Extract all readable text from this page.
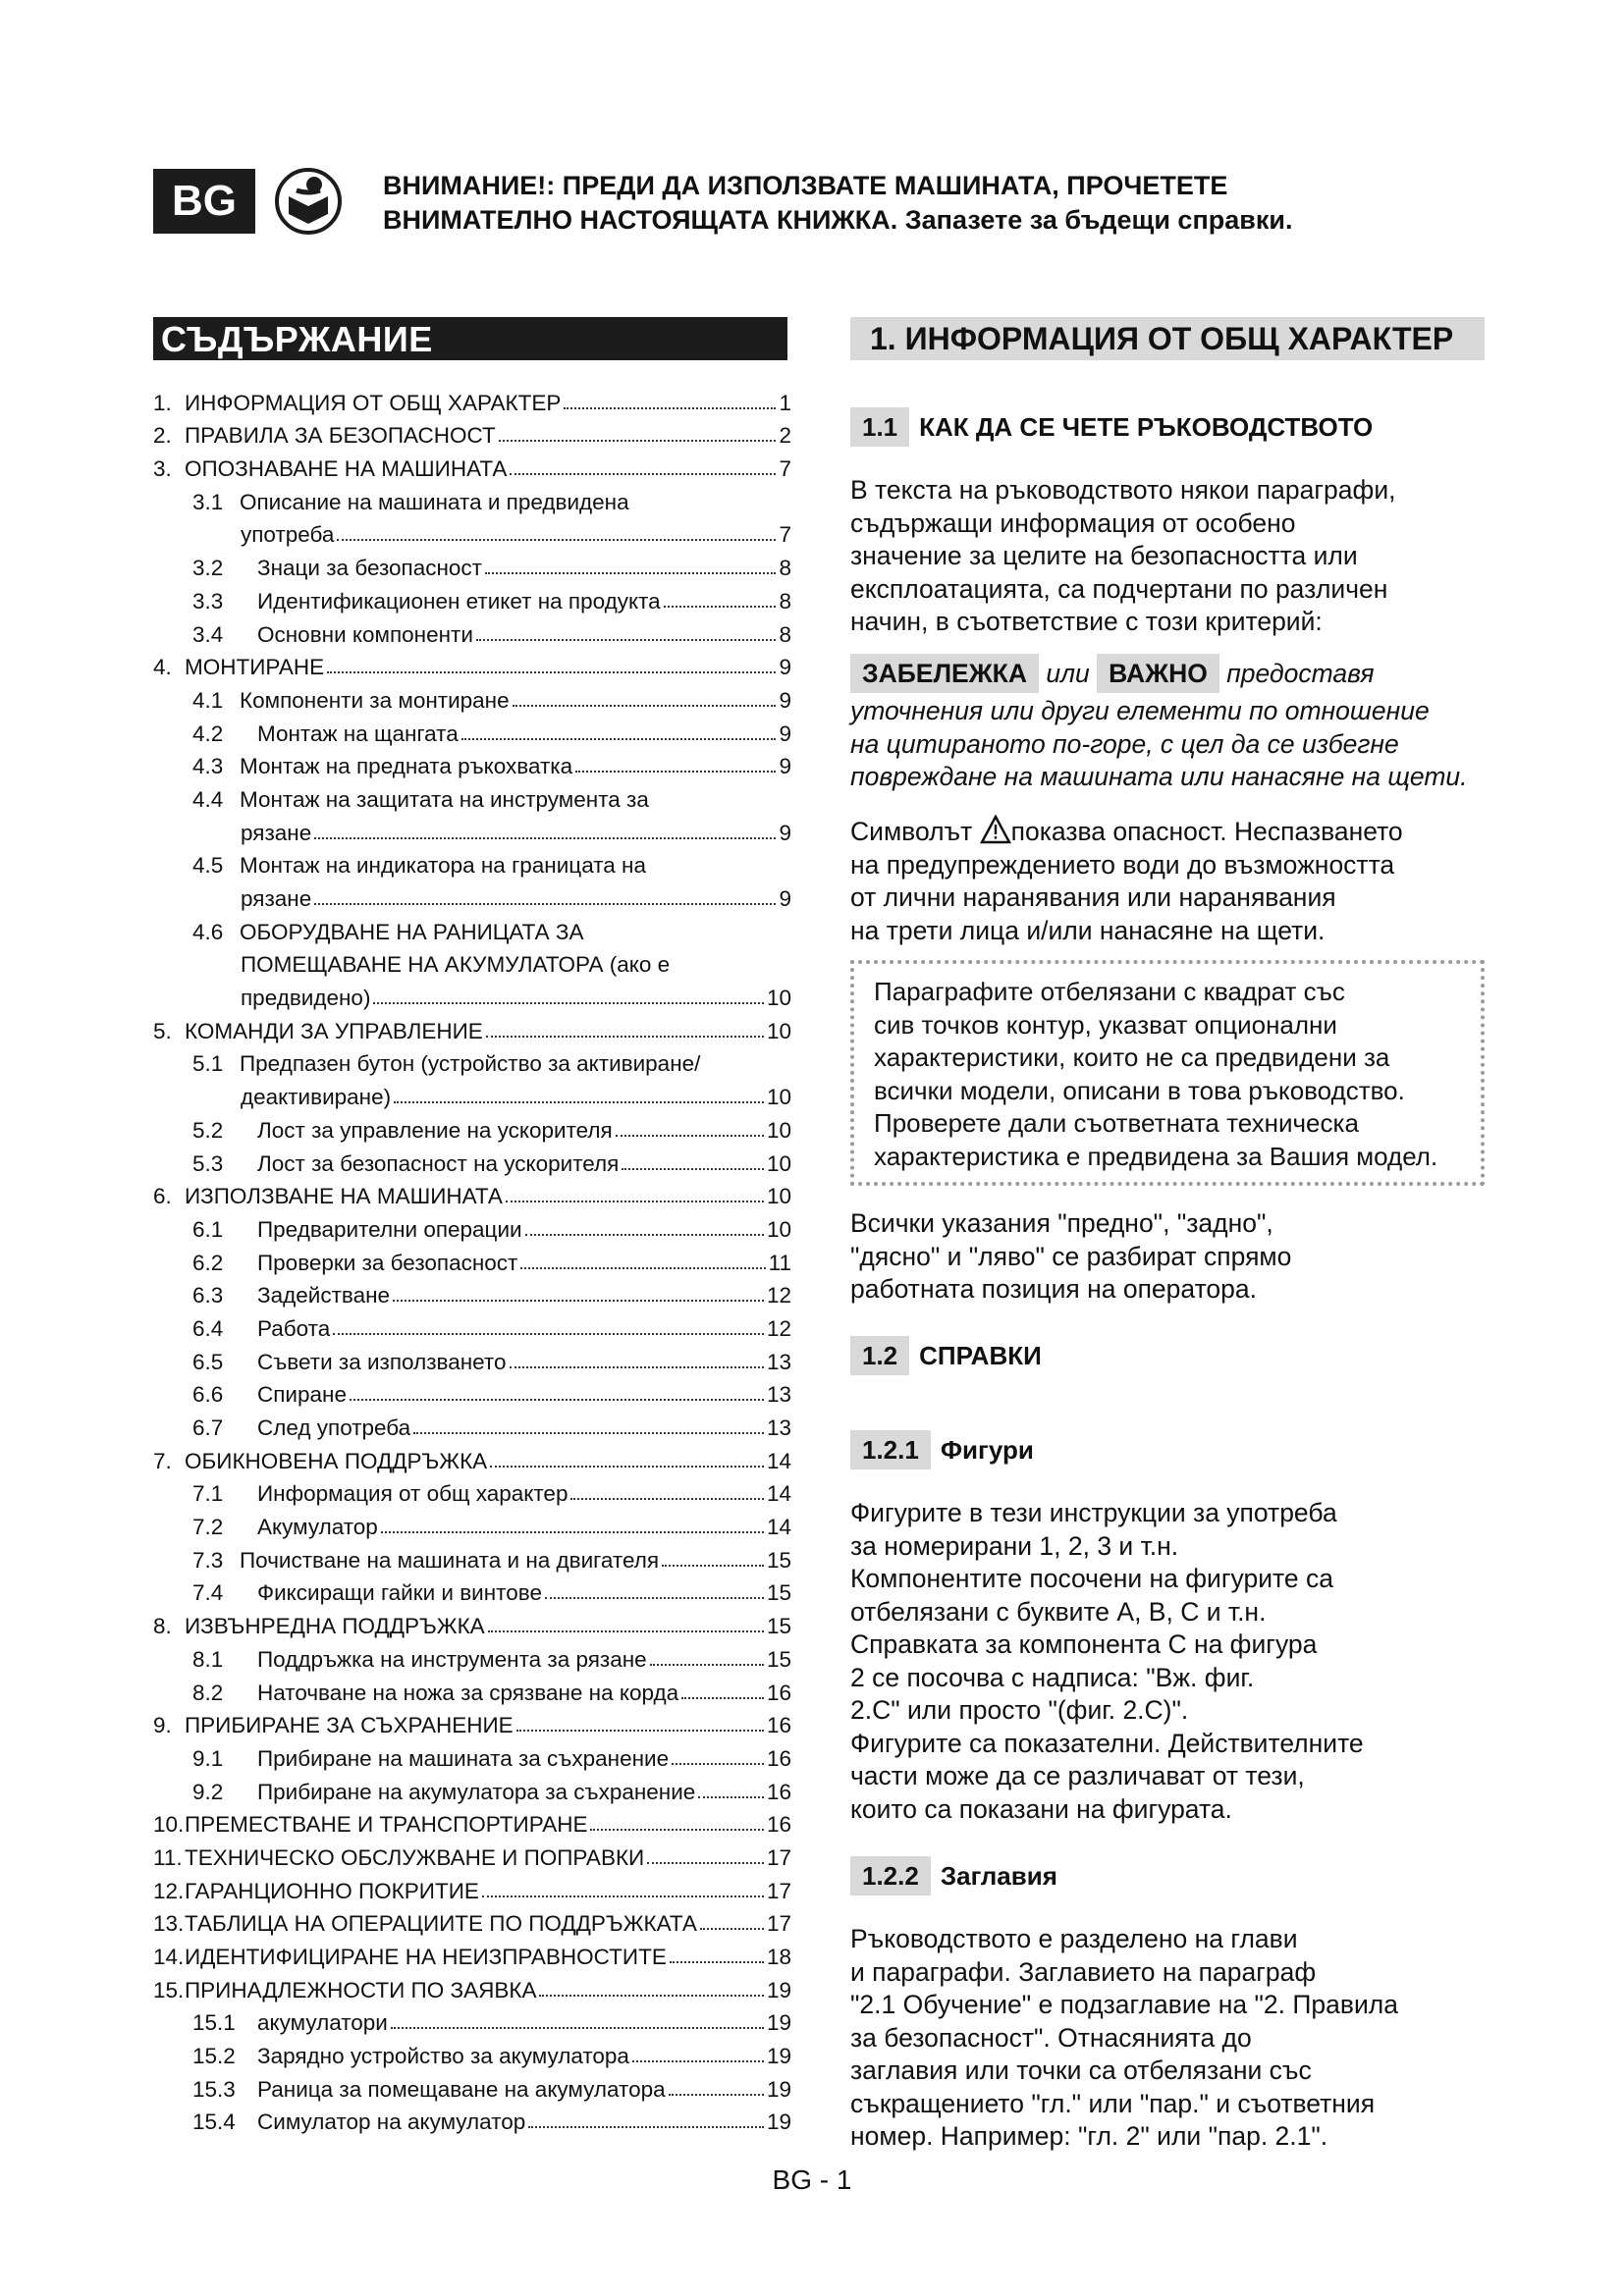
BG	ВНИМАНИЕ!: ПРЕДИ ДА ИЗПОЛЗВАТЕ МАШИНАТА, ПРОЧЕТЕТЕ
ВНИМАТЕЛНО НАСТОЯЩАТА КНИЖКА. Запазете за бъдещи справки.
СЪДЪРЖАНИЕ
1. ИНФОРМАЦИЯ ОТ ОБЩ ХАРАКТЕР	1
2. ПРАВИЛА ЗА БЕЗОПАСНОСТ	2
3. ОПОЗНАВАНЕ НА МАШИНАТА	7
3.1 Описание на машината и предвидена
употреба	7
3.2	Знаци за безопасност	8
3.3	Идентификационен етикет на продукта	8
3.4	Основни компоненти	8
4. МОНТИРАНЕ	9
4.1 Компоненти за монтиране	9
4.2	Монтаж на щангата	9
4.3 Монтаж на предната ръкохватка	9
4.4 Монтаж на защитата на инструмента за
рязане	9
4.5 Монтаж на индикатора на границата на
рязане	9
4.6 ОБОРУДВАНЕ НА РАНИЦАТА ЗА
ПОМЕЩАВАНЕ НА АКУМУЛАТОРА (ако е
предвидено)	10
5. КОМАНДИ ЗА УПРАВЛЕНИЕ	10
5.1 Предпазен бутон (устройство за активиране/
деактивиране)	10
5.2	Лост за управление на ускорителя	10
5.3	Лост за безопасност на ускорителя	10
6. ИЗПОЛЗВАНЕ НА МАШИНАТА	10
6.1	Предварителни операции	10
6.2	Проверки за безопасност	11
6.3	Задействане	12
6.4	Работа	12
6.5	Съвети за използването	13
6.6	Спиране	13
6.7	След употреба	13
7. ОБИКНОВЕНА ПОДДРЪЖКА	14
7.1	Информация от общ характер	14
7.2	Акумулатор	14
7.3 Почистване на машината и на двигателя	15
7.4	Фиксиращи гайки и винтове	15
8. ИЗВЪНРЕДНА ПОДДРЪЖКА	15
8.1	Поддръжка на инструмента за рязане	15
8.2	Наточване на ножа за срязване на корда	16
9. ПРИБИРАНЕ ЗА СЪХРАНЕНИЕ	16
9.1	Прибиране на машината за съхранение	16
9.2	Прибиране на акумулатора за съхранение	16
10. ПРЕМЕСТВАНЕ И ТРАНСПОРТИРАНЕ	16
11. ТЕХНИЧЕСКО ОБСЛУЖВАНЕ И ПОПРАВКИ	17
12. ГАРАНЦИОННО ПОКРИТИЕ	17
13. ТАБЛИЦА НА ОПЕРАЦИИТЕ ПО ПОДДРЪЖКАТА	17
14. ИДЕНТИФИЦИРАНЕ НА НЕИЗПРАВНОСТИТЕ	18
15. ПРИНАДЛЕЖНОСТИ ПО ЗАЯВКА	19
15.1 акумулатори	19
15.2 Зарядно устройство за акумулатора	19
15.3 Раница за помещаване на акумулатора	19
15.4 Симулатор на акумулатор	19
1. ИНФОРМАЦИЯ ОТ ОБЩ ХАРАКТЕР
1.1 КАК ДА СЕ ЧЕТЕ РЪКОВОДСТВОТО

В текста на ръководството някои параграфи,

съдържащи информация от особено

значение за целите на безопасността или

експлоатацията, са подчертани по различен

начин, в съответствие с този критерий:

ЗАБЕЛЕЖКА или ВАЖНО предоставя

уточнения или други елементи по отношение

на цитираното по-горе, с цел да се избегне

повреждане на машината или нанасяне на щети.

Символът показва опасност. Неспазването

на предупреждението води до възможността

от лични наранявания или наранявания

на трети лица и/или нанасяне на щети.

Параграфите отбелязани с квадрат със

сив точков контур, указват опционални

характеристики, които не са предвидени за

всички модели, описани в това ръководство.

Проверете дали съответната техническа

характеристика е предвидена за Вашия модел.

Всички указания "предно", "задно",

"дясно" и "ляво" се разбират спрямо

работната позиция на оператора.

1.2 СПРАВКИ
1.2.1 Фигури

Фигурите в тези инструкции за употреба

за номерирани 1, 2, 3 и т.н.

Компонентите посочени на фигурите са

отбелязани с буквите A, B, C и т.н.

Справката за компонента С на фигура

2 се посочва с надписа: "Вж. фиг.

2.C" или просто "(фиг. 2.C)".

Фигурите са показателни. Действителните

части може да се различават от тези,

които са показани на фигурата.

1.2.2 Заглавия

Ръководството е разделено на глави

и параграфи. Заглавието на параграф

"2.1 Обучение" е подзаглавие на "2. Правила

за безопасност". Отнасянията до

заглавия или точки са отбелязани със

съкращението "гл." или "пар." и съответния

номер. Например: "гл. 2" или "пар. 2.1".

BG - 1
